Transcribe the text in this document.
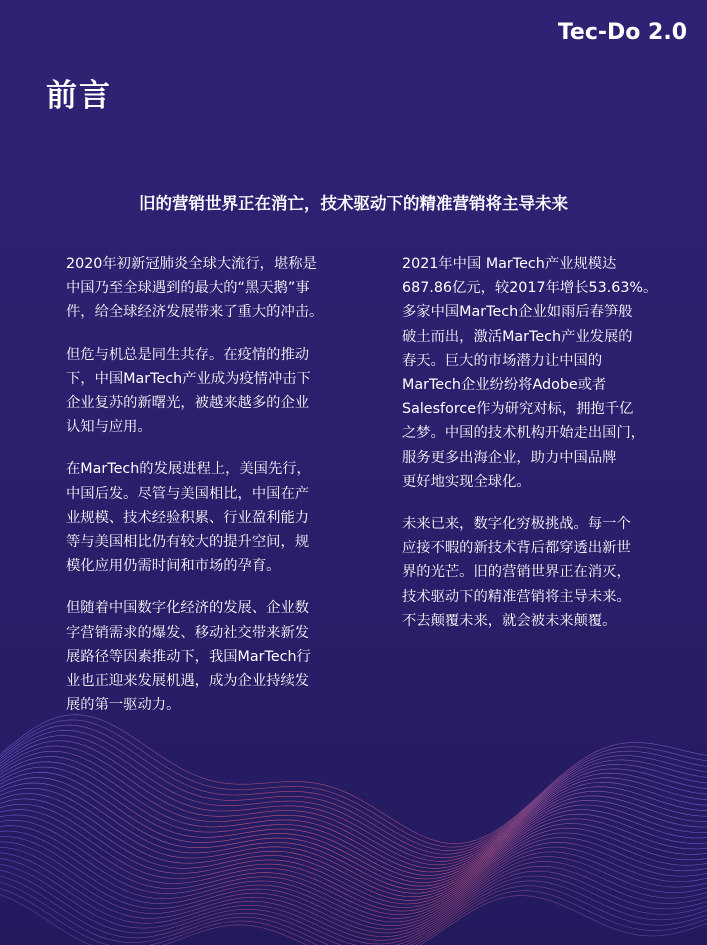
Tec-Do 2.0
前言
旧的营销世界正在消亡，技术驱动下的精准营销将主导未来

2020年初新冠肺炎全球大流行，堪称是
中国乃至全球遇到的最大的“黑天鹅”事
件，给全球经济发展带来了重大的冲击。

但危与机总是同生共存。在疫情的推动
下，中国MarTech产业成为疫情冲击下
企业复苏的新曙光，被越来越多的企业
认知与应用。

在MarTech的发展进程上，美国先行，
中国后发。尽管与美国相比，中国在产
业规模、技术经验积累、行业盈利能力
等与美国相比仍有较大的提升空间，规
模化应用仍需时间和市场的孕育。

但随着中国数字化经济的发展、企业数
字营销需求的爆发、移动社交带来新发
展路径等因素推动下，我国MarTech行
业也正迎来发展机遇，成为企业持续发
展的第一驱动力。

2021年中国 MarTech产业规模达
687.86亿元，较2017年增长53.63%。
多家中国MarTech企业如雨后春笋般
破土而出，激活MarTech产业发展的
春天。巨大的市场潜力让中国的
MarTech企业纷纷将Adobe或者
Salesforce作为研究对标，拥抱千亿
之梦。中国的技术机构开始走出国门，
服务更多出海企业，助力中国品牌
更好地实现全球化。

未来已来，数字化穷极挑战。每一个
应接不暇的新技术背后都穿透出新世
界的光芒。旧的营销世界正在消灭，
技术驱动下的精准营销将主导未来。
不去颠覆未来，就会被未来颠覆。
